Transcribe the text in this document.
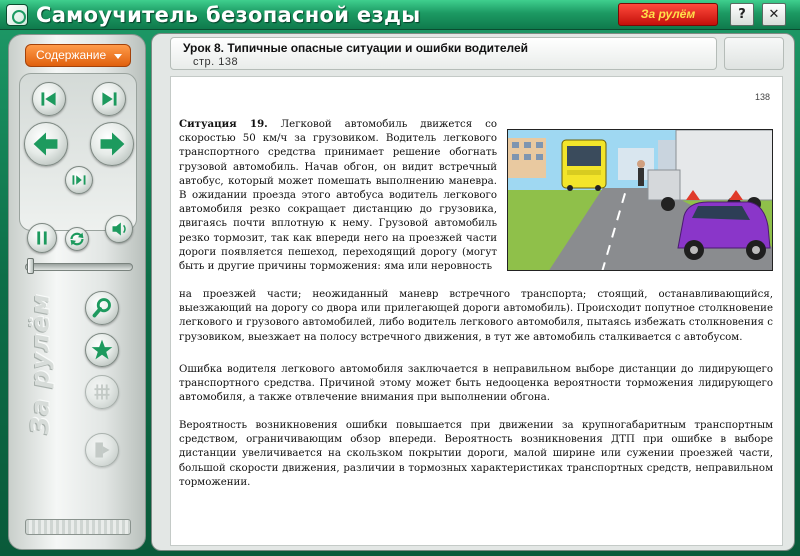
Самоучитель безопасной езды	За рулём	?	✕
Содержание
За рулём
Урок 8. Типичные опасные ситуации и ошибки водителей
стр. 138
138
Ситуация 19. Легковой автомобиль движется со скоростью 50 км/ч за грузовиком. Водитель легкового транспортного средства принимает решение обогнать грузовой автомобиль. Начав обгон, он видит встречный автобус, который может помешать выполнению маневра. В ожидании проезда этого автобуса водитель легкового автомобиля резко сокращает дистанцию до грузовика, двигаясь почти вплотную к нему. Грузовой автомобиль резко тормозит, так как впереди него на проезжей части дороги появляется пешеход, переходящий дорогу (могут быть и другие причины торможения: яма или неровность
на проезжей части; неожиданный маневр встречного транспорта; стоящий, останавливающийся, выезжающий на дорогу со двора или прилегающей дороги автомобиль). Происходит попутное столкновение легкового и грузового автомобилей, либо водитель легкового автомобиля, пытаясь избежать столкновения с грузовиком, выезжает на полосу встречного движения, в тут же автомобиль сталкивается с автобусом.
Ошибка водителя легкового автомобиля заключается в неправильном выборе дистанции до лидирующего транспортного средства. Причиной этому может быть недооценка вероятности торможения лидирующего автомобиля, а также отвлечение внимания при выполнении обгона.
Вероятность возникновения ошибки повышается при движении за крупногабаритным транспортным средством, ограничивающим обзор впереди. Вероятность возникновения ДТП при ошибке в выборе дистанции увеличивается на скользком покрытии дороги, малой ширине или сужении проезжей части, большой скорости движения, различии в тормозных характеристиках транспортных средств, неправильном торможении.
